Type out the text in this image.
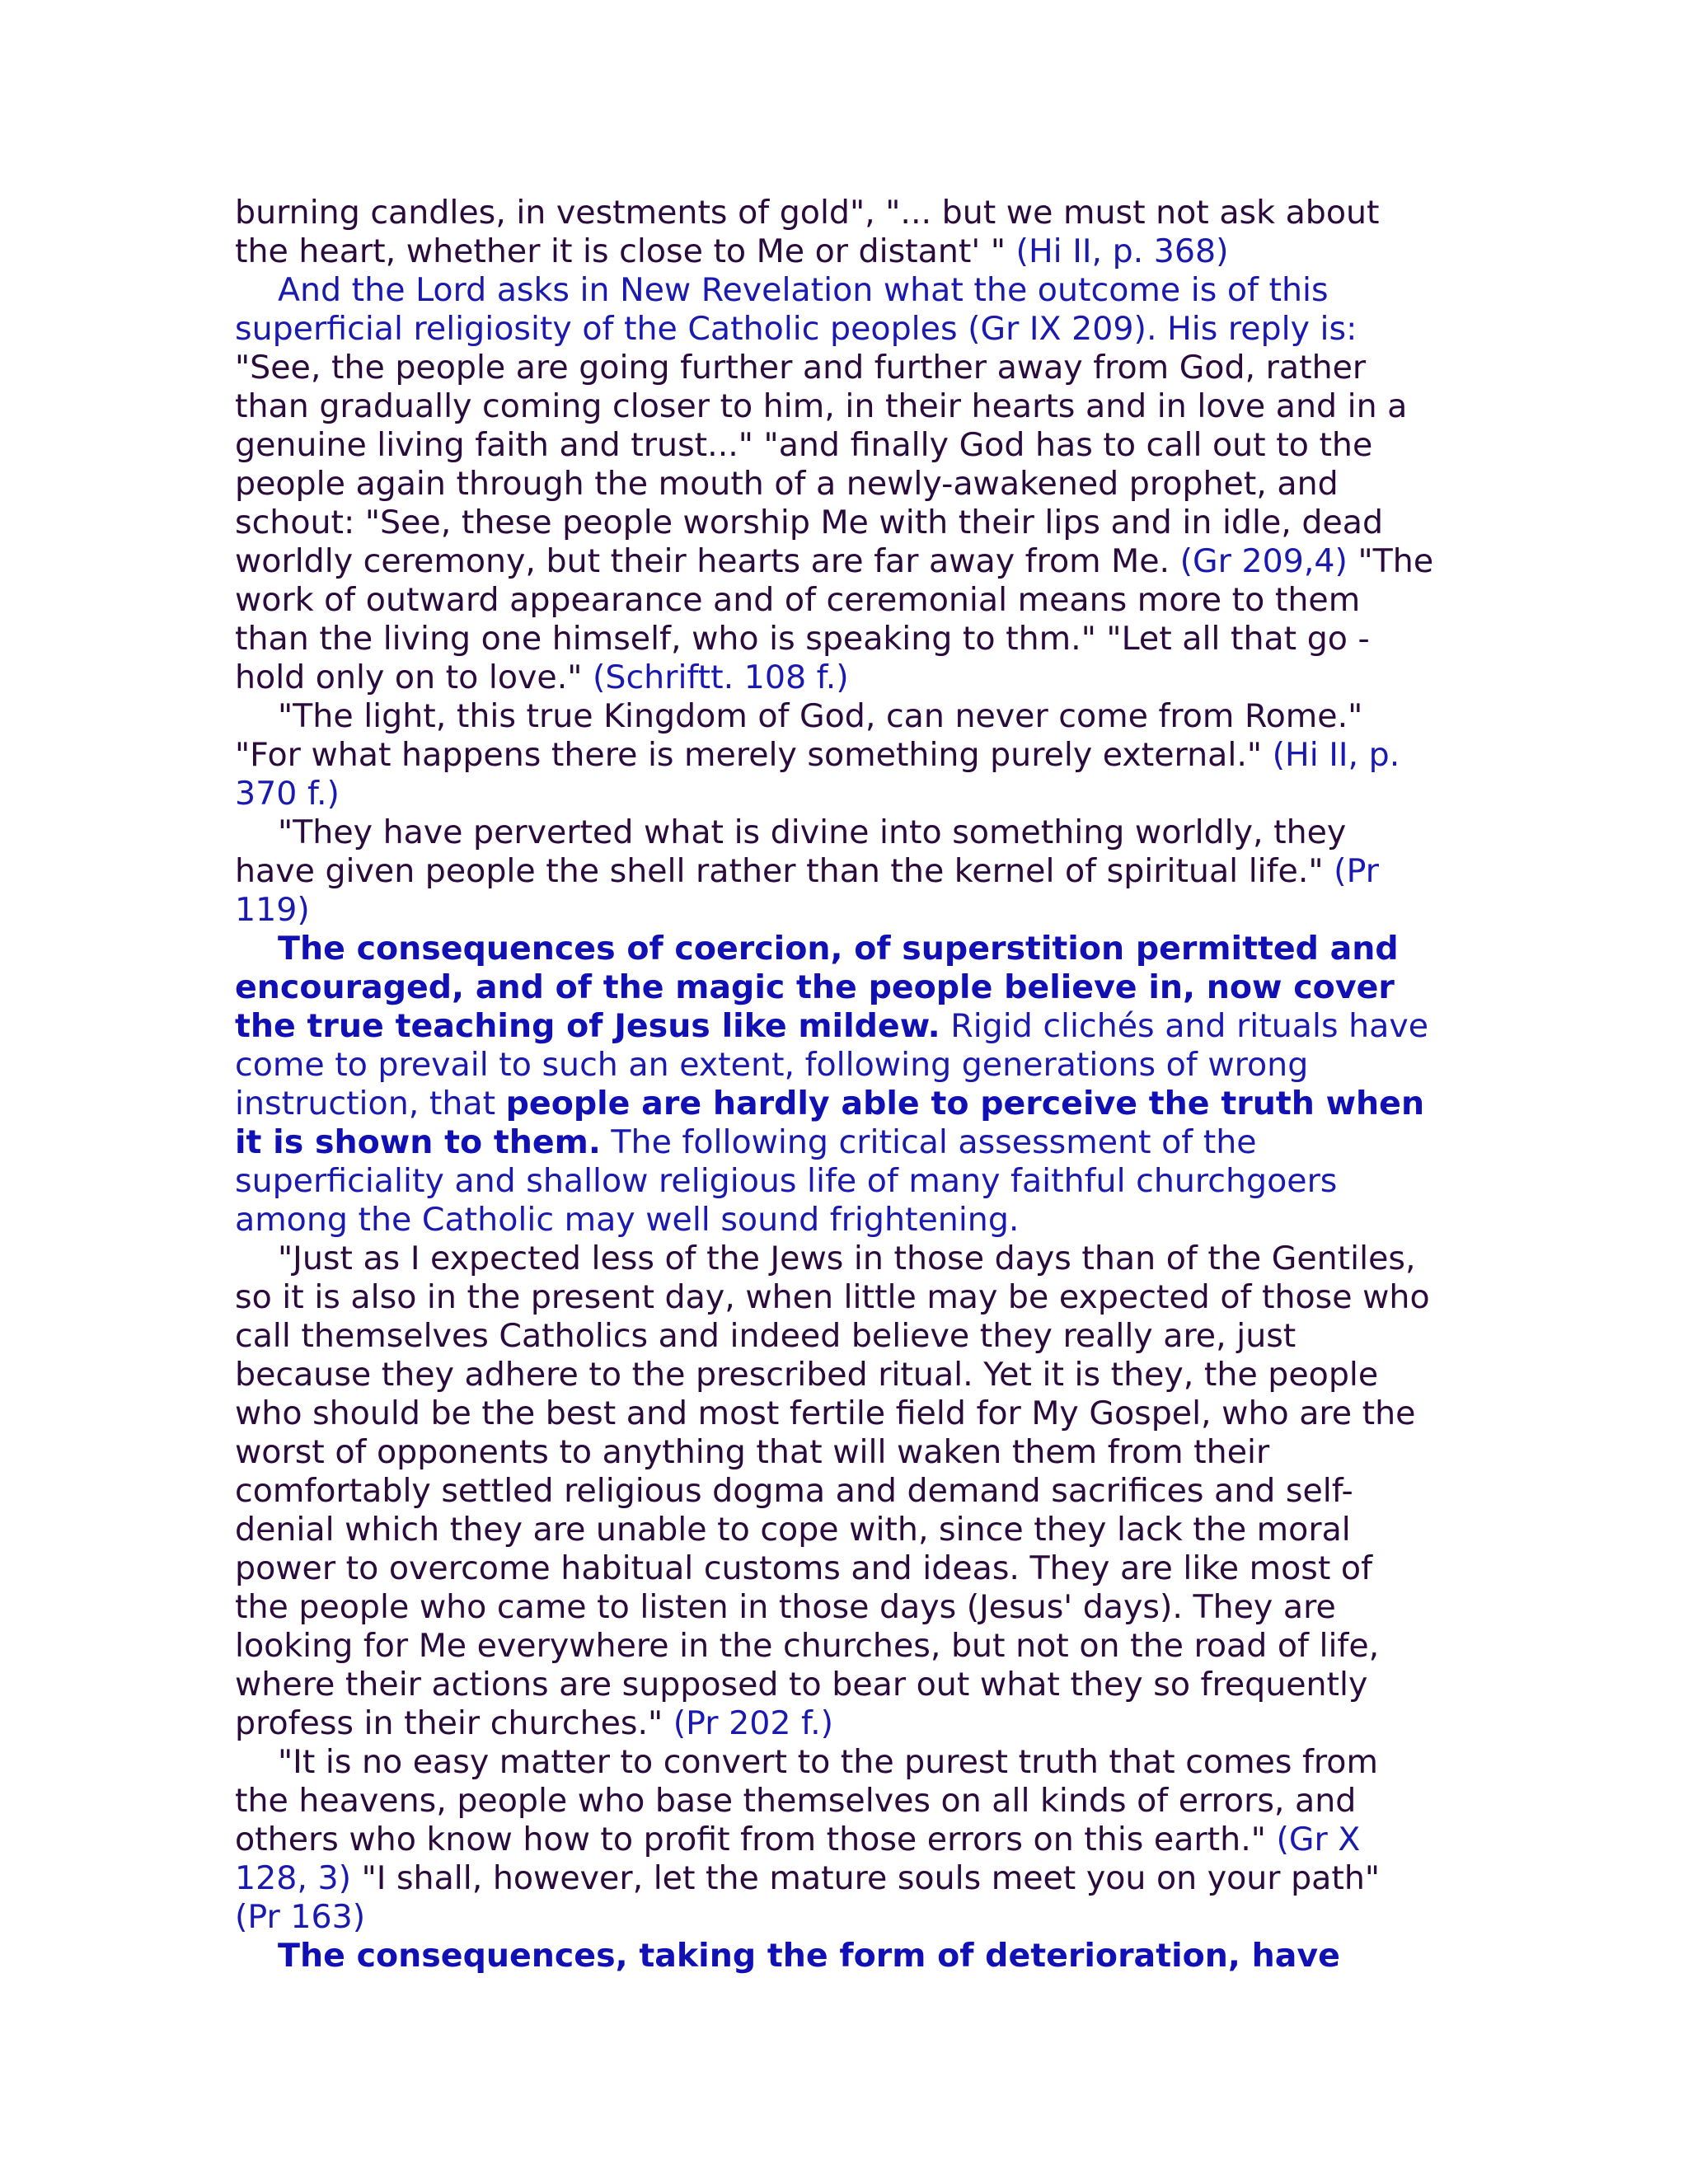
burning candles, in vestments of gold", "... but we must not ask about
the heart, whether it is close to Me or distant' " (Hi II, p. 368)
And the Lord asks in New Revelation what the outcome is of this
superficial religiosity of the Catholic peoples (Gr IX 209). His reply is:
"See, the people are going further and further away from God, rather
than gradually coming closer to him, in their hearts and in love and in a
genuine living faith and trust..." "and finally God has to call out to the
people again through the mouth of a newly-awakened prophet, and
schout: "See, these people worship Me with their lips and in idle, dead
worldly ceremony, but their hearts are far away from Me. (Gr 209,4) "The
work of outward appearance and of ceremonial means more to them
than the living one himself, who is speaking to thm." "Let all that go -
hold only on to love." (Schriftt. 108 f.)
"The light, this true Kingdom of God, can never come from Rome."
"For what happens there is merely something purely external." (Hi II, p.
370 f.)
"They have perverted what is divine into something worldly, they
have given people the shell rather than the kernel of spiritual life." (Pr
119)
The consequences of coercion, of superstition permitted and
encouraged, and of the magic the people believe in, now cover
the true teaching of Jesus like mildew. Rigid clichés and rituals have
come to prevail to such an extent, following generations of wrong
instruction, that people are hardly able to perceive the truth when
it is shown to them. The following critical assessment of the
superficiality and shallow religious life of many faithful churchgoers
among the Catholic may well sound frightening.
"Just as I expected less of the Jews in those days than of the Gentiles,
so it is also in the present day, when little may be expected of those who
call themselves Catholics and indeed believe they really are, just
because they adhere to the prescribed ritual. Yet it is they, the people
who should be the best and most fertile field for My Gospel, who are the
worst of opponents to anything that will waken them from their
comfortably settled religious dogma and demand sacrifices and self-
denial which they are unable to cope with, since they lack the moral
power to overcome habitual customs and ideas. They are like most of
the people who came to listen in those days (Jesus' days). They are
looking for Me everywhere in the churches, but not on the road of life,
where their actions are supposed to bear out what they so frequently
profess in their churches." (Pr 202 f.)
"It is no easy matter to convert to the purest truth that comes from
the heavens, people who base themselves on all kinds of errors, and
others who know how to profit from those errors on this earth." (Gr X
128, 3) "I shall, however, let the mature souls meet you on your path"
(Pr 163)
The consequences, taking the form of deterioration, have
